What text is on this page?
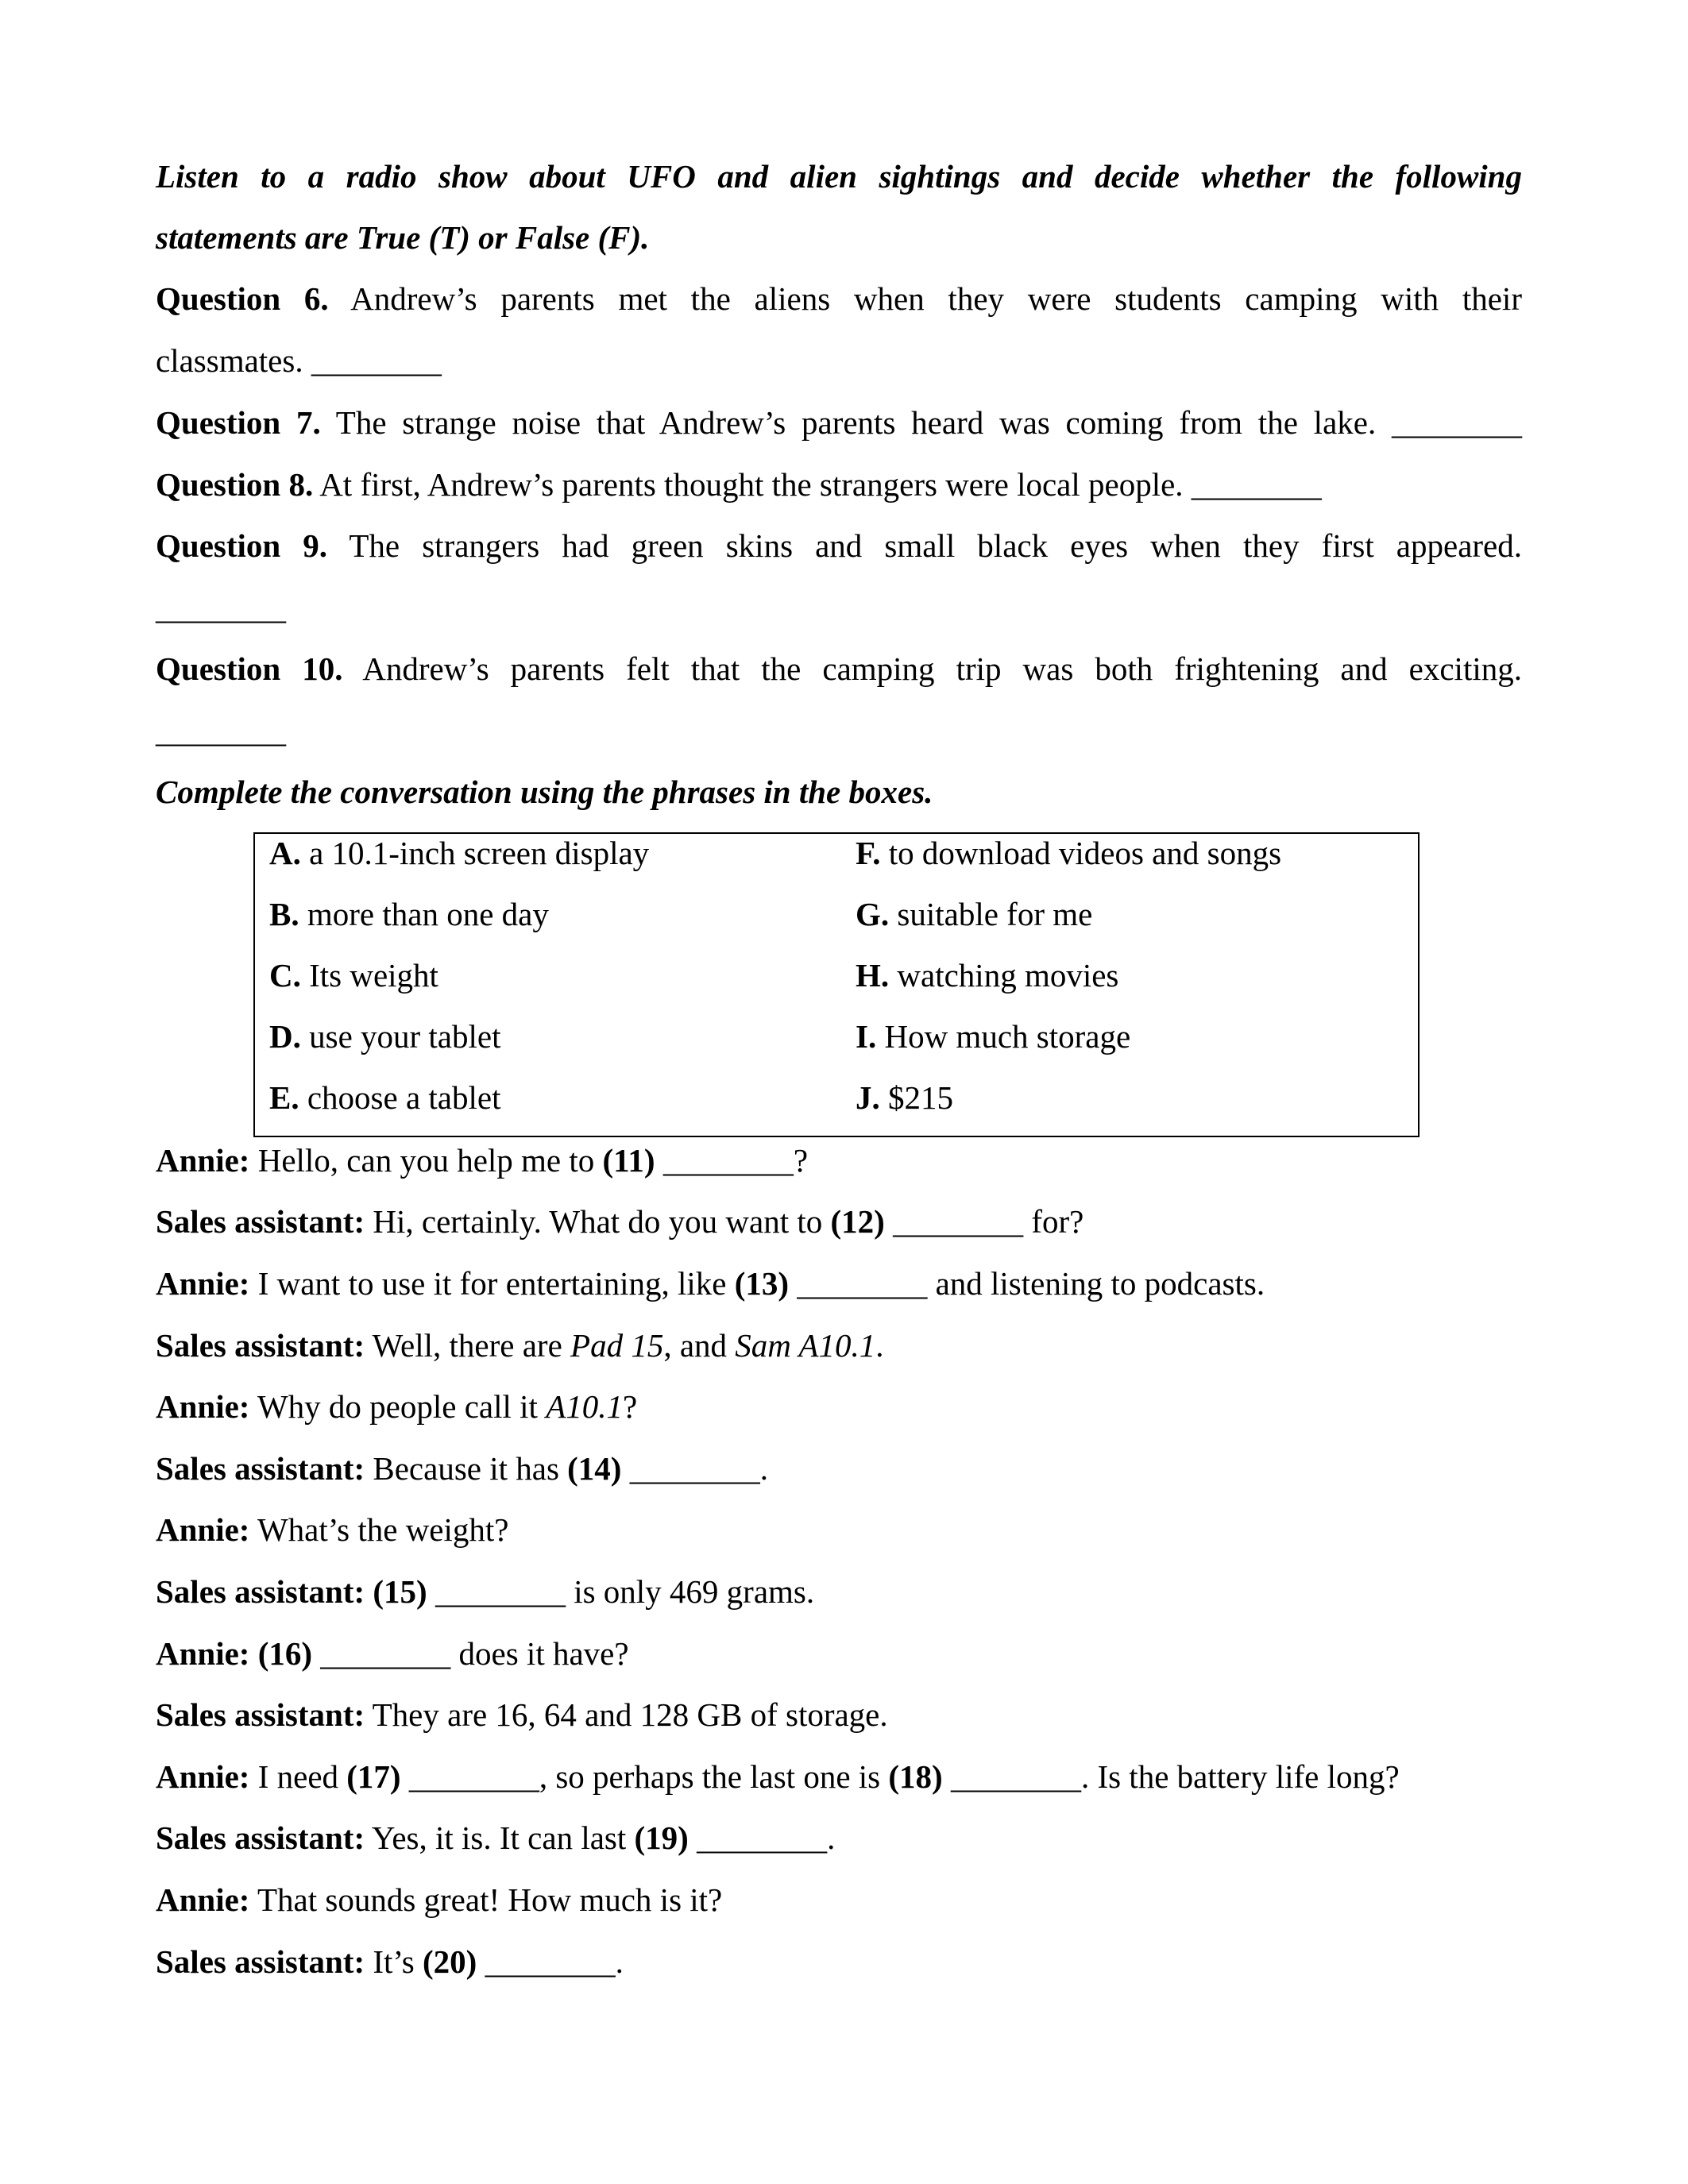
Listen to a radio show about UFO and alien sightings and decide whether the following
statements are True (T) or False (F).
Question 6. Andrew’s parents met the aliens when they were students camping with their
classmates. ________
Question 7. The strange noise that Andrew’s parents heard was coming from the lake. ________
Question 8. At first, Andrew’s parents thought the strangers were local people. ________
Question 9. The strangers had green skins and small black eyes when they first appeared.
________
Question 10. Andrew’s parents felt that the camping trip was both frightening and exciting.
________
Complete the conversation using the phrases in the boxes.
A. a 10.1-inch screen display
B. more than one day
C. Its weight
D. use your tablet
E. choose a tablet
F. to download videos and songs
G. suitable for me
H. watching movies
I. How much storage
J. $215
Annie: Hello, can you help me to (11) ________?
Sales assistant: Hi, certainly. What do you want to (12) ________ for?
Annie: I want to use it for entertaining, like (13) ________ and listening to podcasts.
Sales assistant: Well, there are Pad 15, and Sam A10.1.
Annie: Why do people call it A10.1?
Sales assistant: Because it has (14) ________.
Annie: What’s the weight?
Sales assistant: (15) ________ is only 469 grams.
Annie: (16) ________ does it have?
Sales assistant: They are 16, 64 and 128 GB of storage.
Annie: I need (17) ________, so perhaps the last one is (18) ________. Is the battery life long?
Sales assistant: Yes, it is. It can last (19) ________.
Annie: That sounds great! How much is it?
Sales assistant: It’s (20) ________.
